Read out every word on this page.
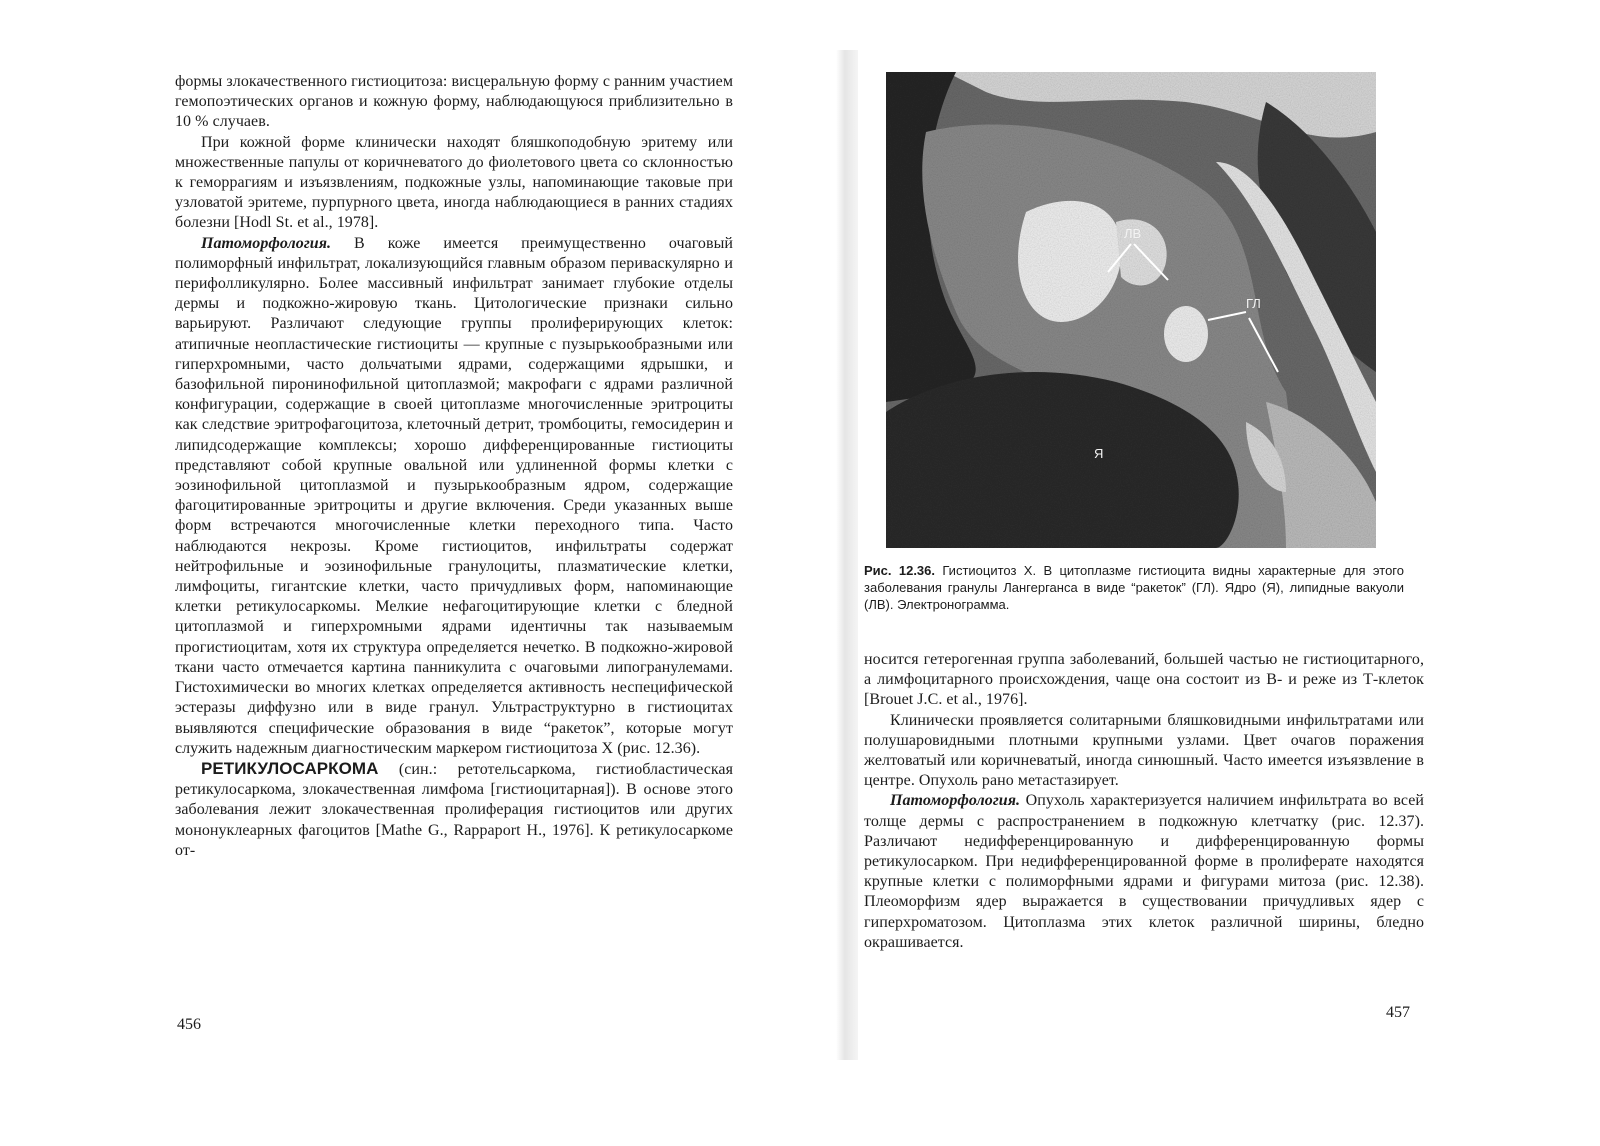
формы злокачественного гистиоцитоза: висцеральную форму с ранним участием гемопоэтических органов и кожную форму, наблюдающуюся приблизительно в 10 % случаев.

При кожной форме клинически находят бляшкоподобную эритему или множественные папулы от коричневатого до фиолетового цвета со склонностью к геморрагиям и изъязвлениям, подкожные узлы, напоминающие таковые при узловатой эритеме, пурпурного цвета, иногда наблюдающиеся в ранних стадиях болезни [Hodl St. et al., 1978].

Патоморфология. В коже имеется преимущественно очаговый полиморфный инфильтрат, локализующийся главным образом периваскулярно и перифолликулярно. Более массивный инфильтрат занимает глубокие отделы дермы и подкожно-жировую ткань. Цитологические признаки сильно варьируют. Различают следующие группы пролиферирующих клеток: атипичные неопластические гистиоциты — крупные с пузырькообразными или гиперхромными, часто дольчатыми ядрами, содержащими ядрышки, и базофильной пиронинофильной цитоплазмой; макрофаги с ядрами различной конфигурации, содержащие в своей цитоплазме многочисленные эритроциты как следствие эритрофагоцитоза, клеточный детрит, тромбоциты, гемосидерин и липидсодержащие комплексы; хорошо дифференцированные гистиоциты представляют собой крупные овальной или удлиненной формы клетки с эозинофильной цитоплазмой и пузырькообразным ядром, содержащие фагоцитированные эритроциты и другие включения. Среди указанных выше форм встречаются многочисленные клетки переходного типа. Часто наблюдаются некрозы. Кроме гистиоцитов, инфильтраты содержат нейтрофильные и эозинофильные гранулоциты, плазматические клетки, лимфоциты, гигантские клетки, часто причудливых форм, напоминающие клетки ретикулосаркомы. Мелкие нефагоцитирующие клетки с бледной цитоплазмой и гиперхромными ядрами идентичны так называемым прогистиоцитам, хотя их структура определяется нечетко. В подкожно-жировой ткани часто отмечается картина панникулита с очаговыми липогранулемами. Гистохимически во многих клетках определяется активность неспецифической эстеразы диффузно или в виде гранул. Ультраструктурно в гистиоцитах выявляются специфические образования в виде “ракеток”, которые могут служить надежным диагностическим маркером гистиоцитоза X (рис. 12.36).

РЕТИКУЛОСАРКОМА (син.: ретотельсаркома, гистиобластическая ретикулосаркома, злокачественная лимфома [гистиоцитарная]). В основе этого заболевания лежит злокачественная пролиферация гистиоцитов или других мононуклеарных фагоцитов [Mathe G., Rappaport H., 1976]. К ретикулосаркоме от-

456
ЛВ
ГЛ
Я
Рис. 12.36. Гистиоцитоз X. В цитоплазме гистиоцита видны характерные для этого заболевания гранулы Лангерганса в виде “ракеток” (ГЛ). Ядро (Я), липидные вакуоли (ЛВ). Электронограмма.

носится гетерогенная группа заболеваний, большей частью не гистиоцитарного, а лимфоцитарного происхождения, чаще она состоит из В- и реже из Т-клеток [Brouet J.C. et al., 1976].

Клинически проявляется солитарными бляшковидными инфильтратами или полушаровидными плотными крупными узлами. Цвет очагов поражения желтоватый или коричневатый, иногда синюшный. Часто имеется изъязвление в центре. Опухоль рано метастазирует.

Патоморфология. Опухоль характеризуется наличием инфильтрата во всей толще дермы с распространением в подкожную клетчатку (рис. 12.37). Различают недифференцированную и дифференцированную формы ретикулосарком. При недифференцированной форме в пролиферате находятся крупные клетки с полиморфными ядрами и фигурами митоза (рис. 12.38). Плеоморфизм ядер выражается в существовании причудливых ядер с гиперхроматозом. Цитоплазма этих клеток различной ширины, бледно окрашивается.

457
